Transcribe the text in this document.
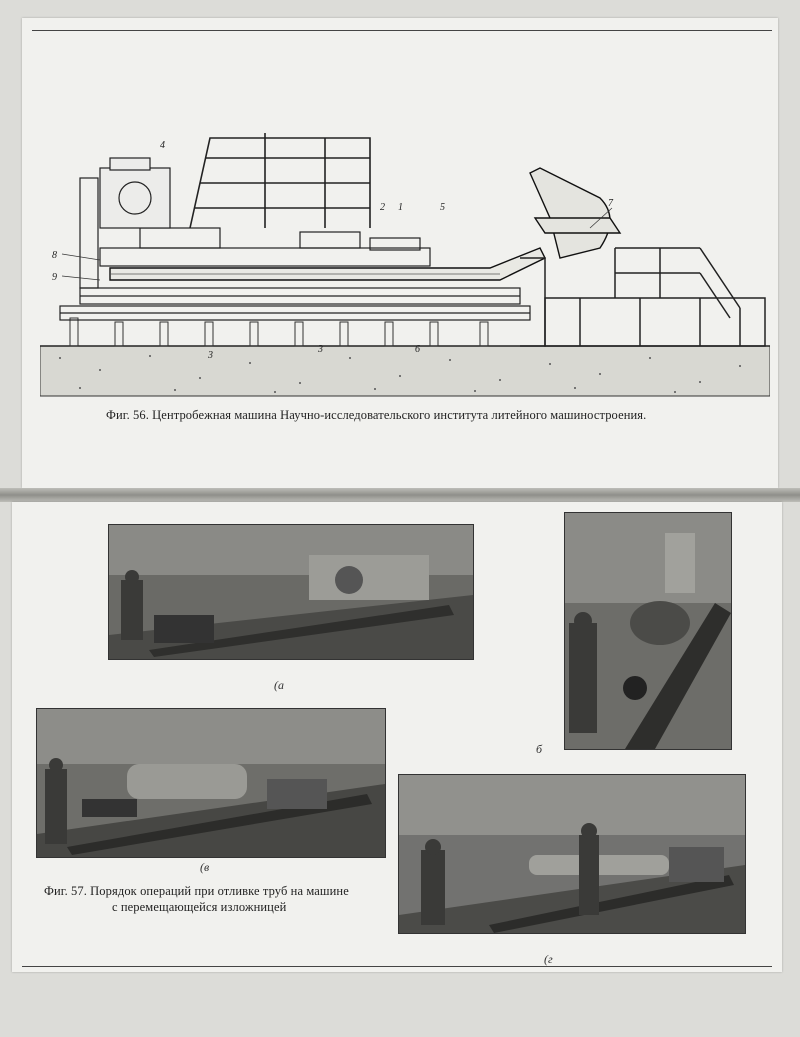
4
2 1	5	7
8
9
3
3	6
Фиг. 56. Центробежная машина Научно-исследовательского института литейного машиностроения.
(а
б
(в
Фиг. 57. Порядок операций при отливке труб на машине
с перемещающейся изложницей
(г
